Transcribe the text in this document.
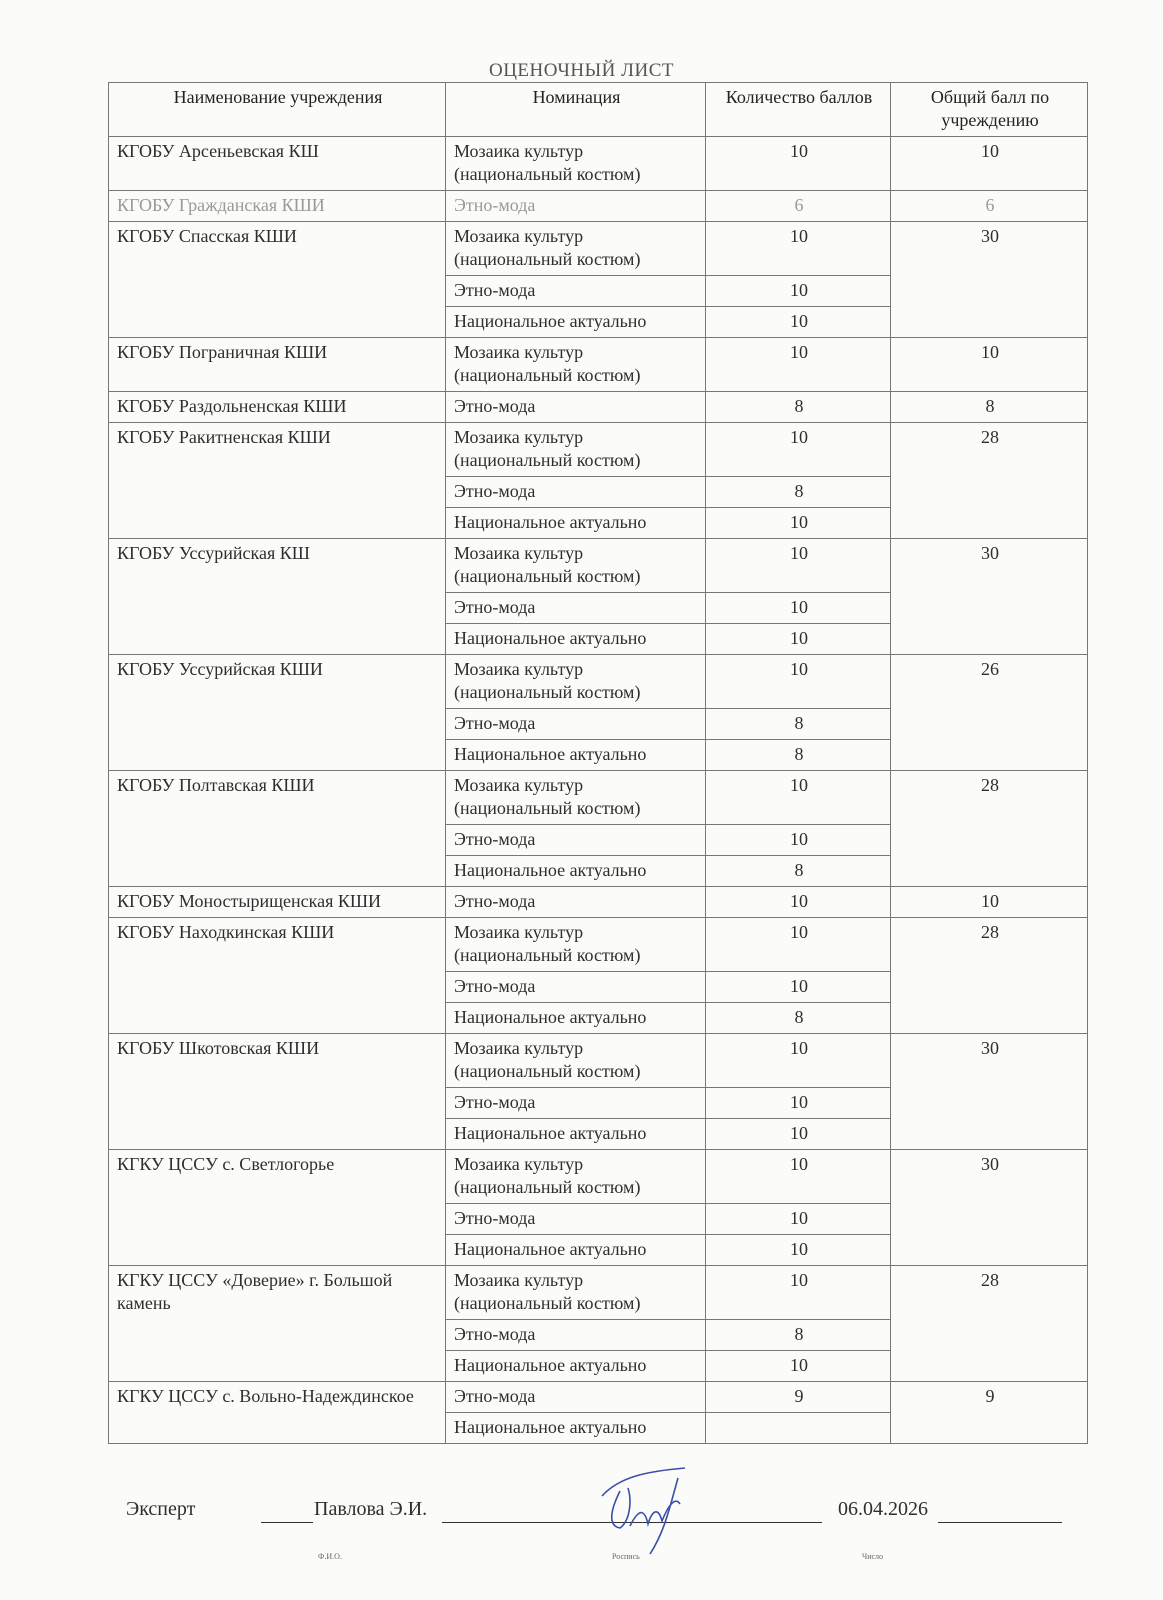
ОЦЕНОЧНЫЙ ЛИСТ
Наименование учреждения	Номинация	Количество баллов	Общий балл по учреждению
КГОБУ Арсеньевская КШ	Мозаика культур (национальный костюм)	10	10
КГОБУ Гражданская КШИ	Этно-мода	6	6
КГОБУ Спасская КШИ	Мозаика культур (национальный костюм)	10	30
	Этно-мода	10	
	Национальное актуально	10	
КГОБУ Пограничная КШИ	Мозаика культур (национальный костюм)	10	10
КГОБУ Раздольненская КШИ	Этно-мода	8	8
КГОБУ Ракитненская КШИ	Мозаика культур (национальный костюм)	10	28
	Этно-мода	8	
	Национальное актуально	10	
КГОБУ Уссурийская КШ	Мозаика культур (национальный костюм)	10	30
	Этно-мода	10	
	Национальное актуально	10	
КГОБУ Уссурийская КШИ	Мозаика культур (национальный костюм)	10	26
	Этно-мода	8	
	Национальное актуально	8	
КГОБУ Полтавская КШИ	Мозаика культур (национальный костюм)	10	28
	Этно-мода	10	
	Национальное актуально	8	
КГОБУ Моностырищенская КШИ	Этно-мода	10	10
КГОБУ Находкинская КШИ	Мозаика культур (национальный костюм)	10	28
	Этно-мода	10	
	Национальное актуально	8	
КГОБУ Шкотовская КШИ	Мозаика культур (национальный костюм)	10	30
	Этно-мода	10	
	Национальное актуально	10	
КГКУ ЦССУ с. Светлогорье	Мозаика культур (национальный костюм)	10	30
	Этно-мода	10	
	Национальное актуально	10	
КГКУ ЦССУ «Доверие» г. Большой камень	Мозаика культур (национальный костюм)	10	28
	Этно-мода	8	
	Национальное актуально	10	
КГКУ ЦССУ с. Вольно-Надеждинское	Этно-мода	9	9
	Национальное актуально		
Эксперт	Павлова Э.И.	06.04.2026
Ф.И.О.	Роспись	Число
